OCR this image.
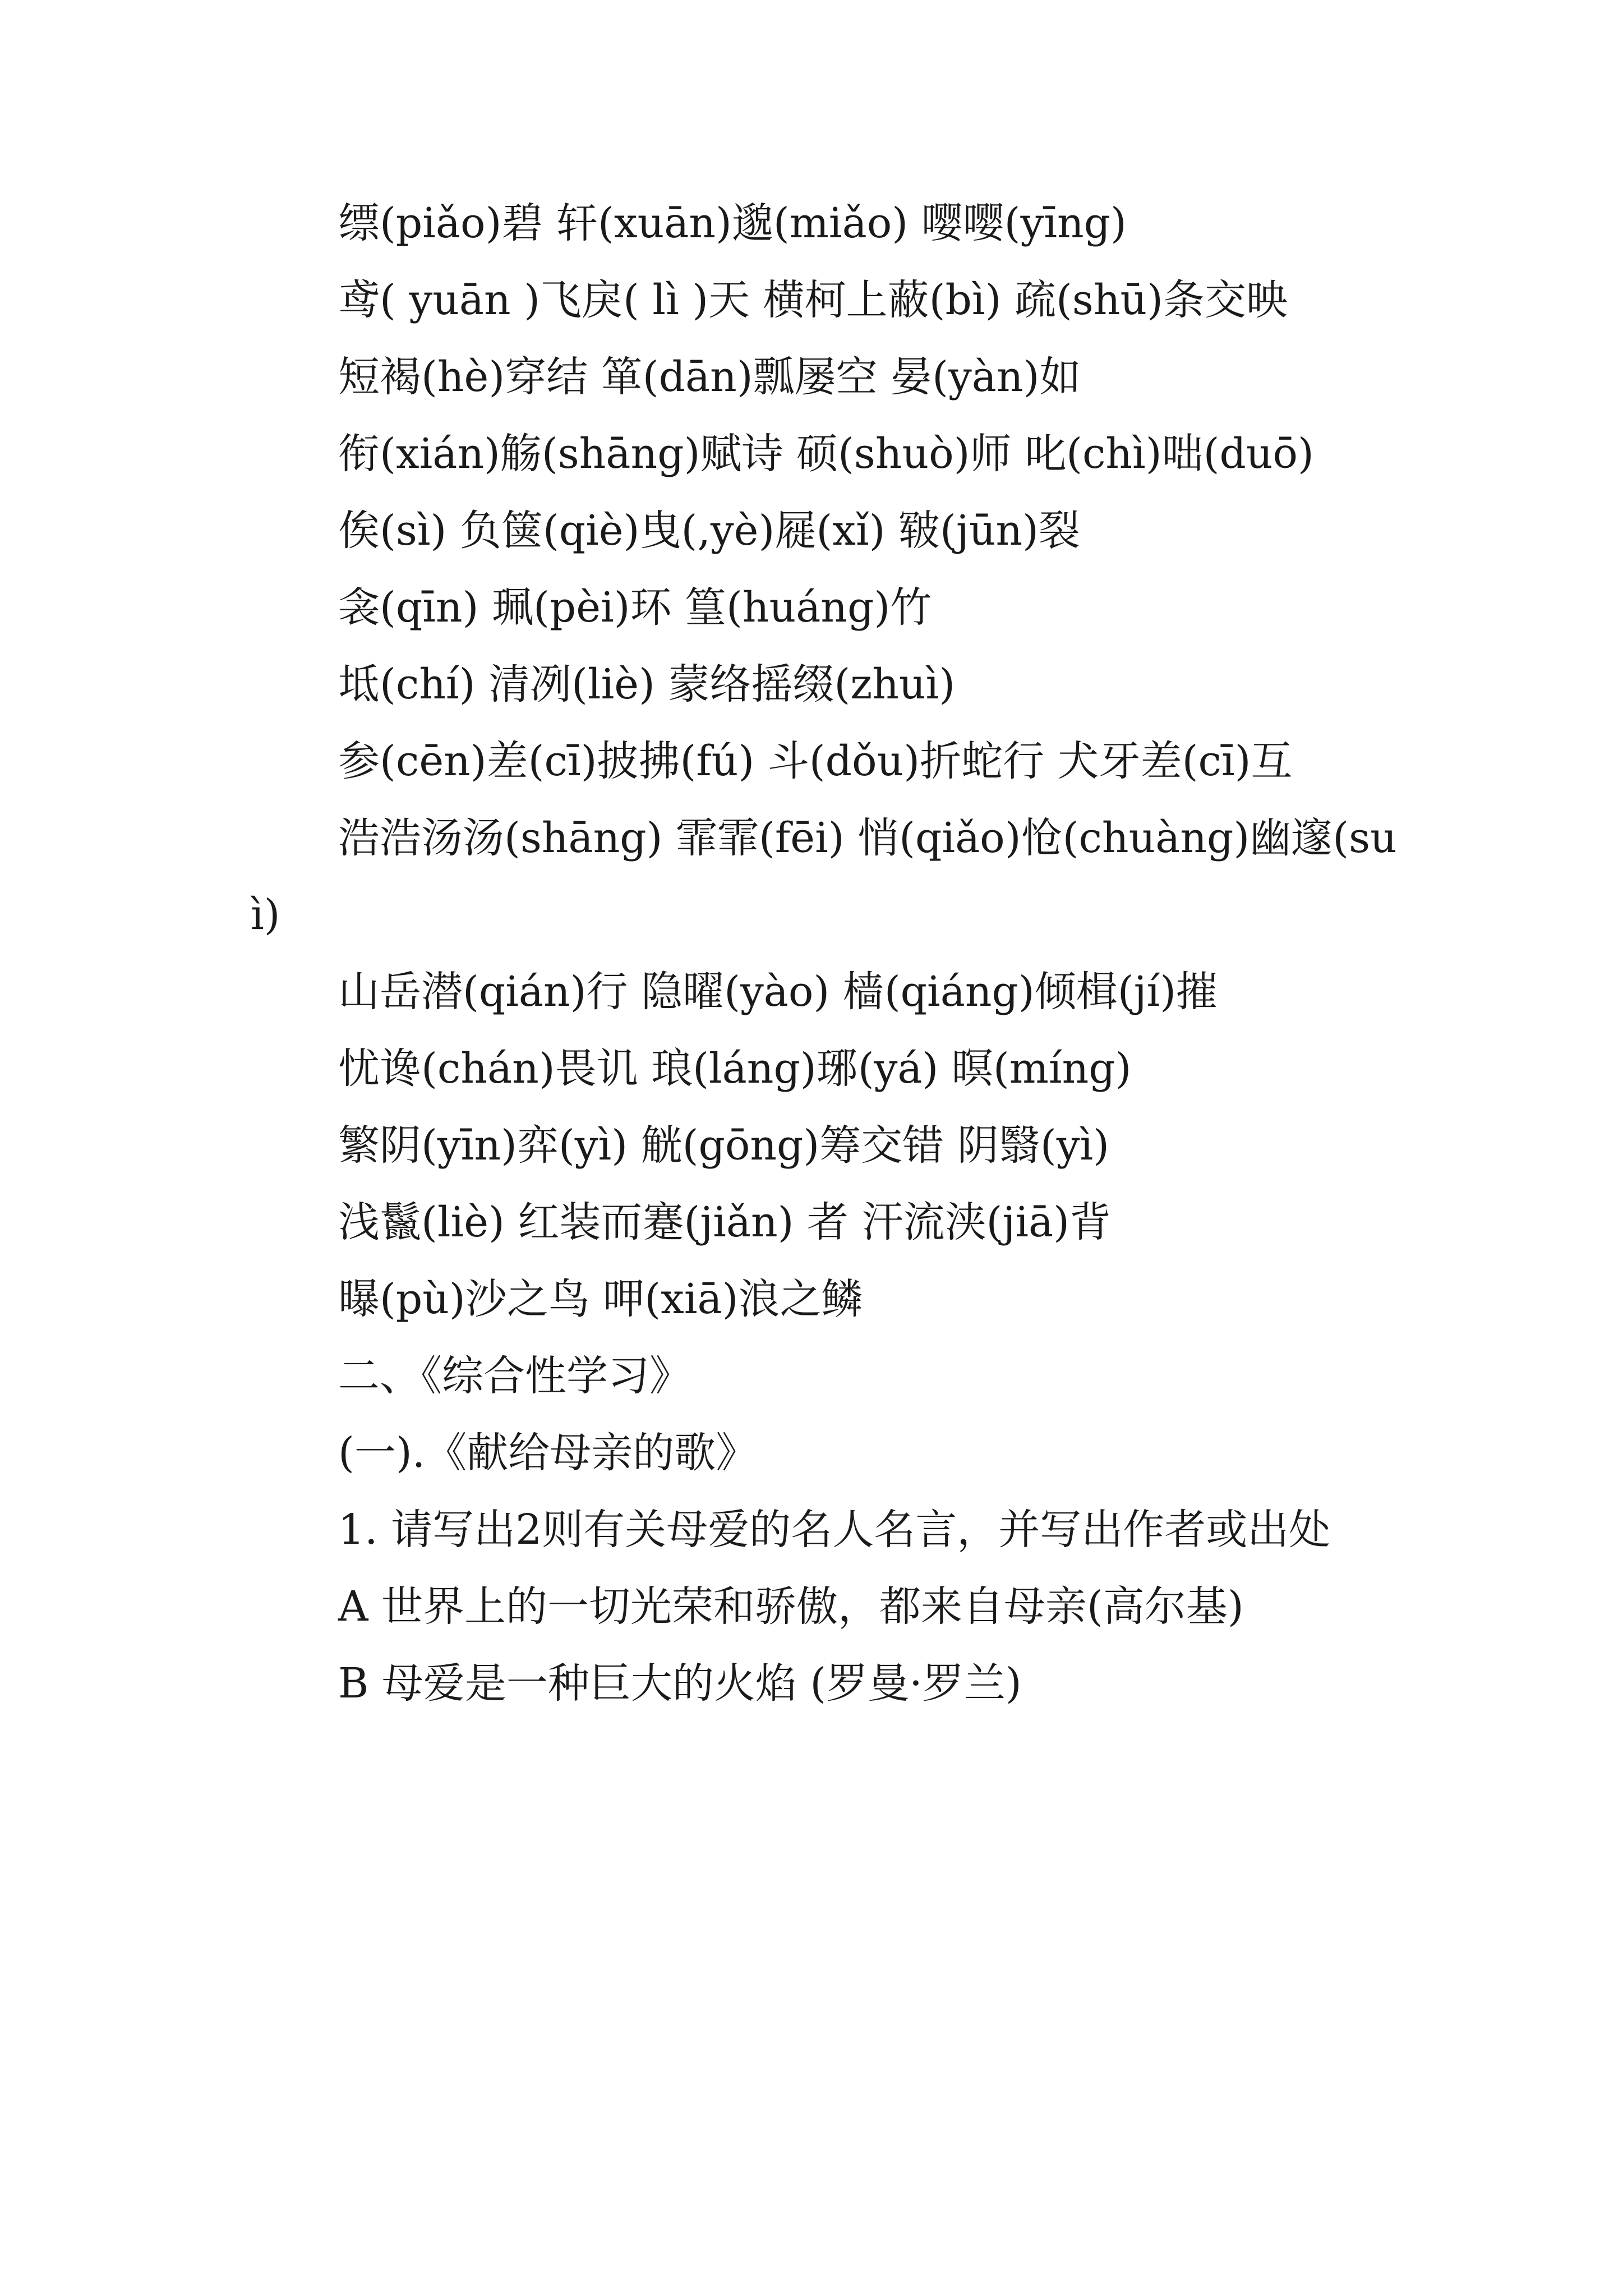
缥(piǎo)碧 轩(xuān)邈(miǎo) 嘤嘤(yīng)

鸢( yuān )飞戾( lì )天 横柯上蔽(bì) 疏(shū)条交映

短褐(hè)穿结 箪(dān)瓢屡空 晏(yàn)如

衔(xián)觞(shāng)赋诗 硕(shuò)师 叱(chì)咄(duō)

俟(sì) 负箧(qiè)曳(,yè)屣(xǐ) 皲(jūn)裂

衾(qīn) 珮(pèi)环 篁(huáng)竹

坻(chí) 清冽(liè) 蒙络摇缀(zhuì)

参(cēn)差(cī)披拂(fú) 斗(dǒu)折蛇行 犬牙差(cī)互

浩浩汤汤(shāng) 霏霏(fēi) 悄(qiǎo)怆(chuàng)幽邃(suì)

山岳潜(qián)行 隐曜(yào) 樯(qiáng)倾楫(jí)摧

忧谗(chán)畏讥 琅(láng)琊(yá) 暝(míng)

繁阴(yīn)弈(yì) 觥(gōng)筹交错 阴翳(yì)

浅鬣(liè) 红装而蹇(jiǎn) 者 汗流浃(jiā)背

曝(pù)沙之鸟 呷(xiā)浪之鳞

二、《综合性学习》

(一).《献给母亲的歌》

1. 请写出2则有关母爱的名人名言，并写出作者或出处

A 世界上的一切光荣和骄傲，都来自母亲(高尔基)

B 母爱是一种巨大的火焰 (罗曼·罗兰)
